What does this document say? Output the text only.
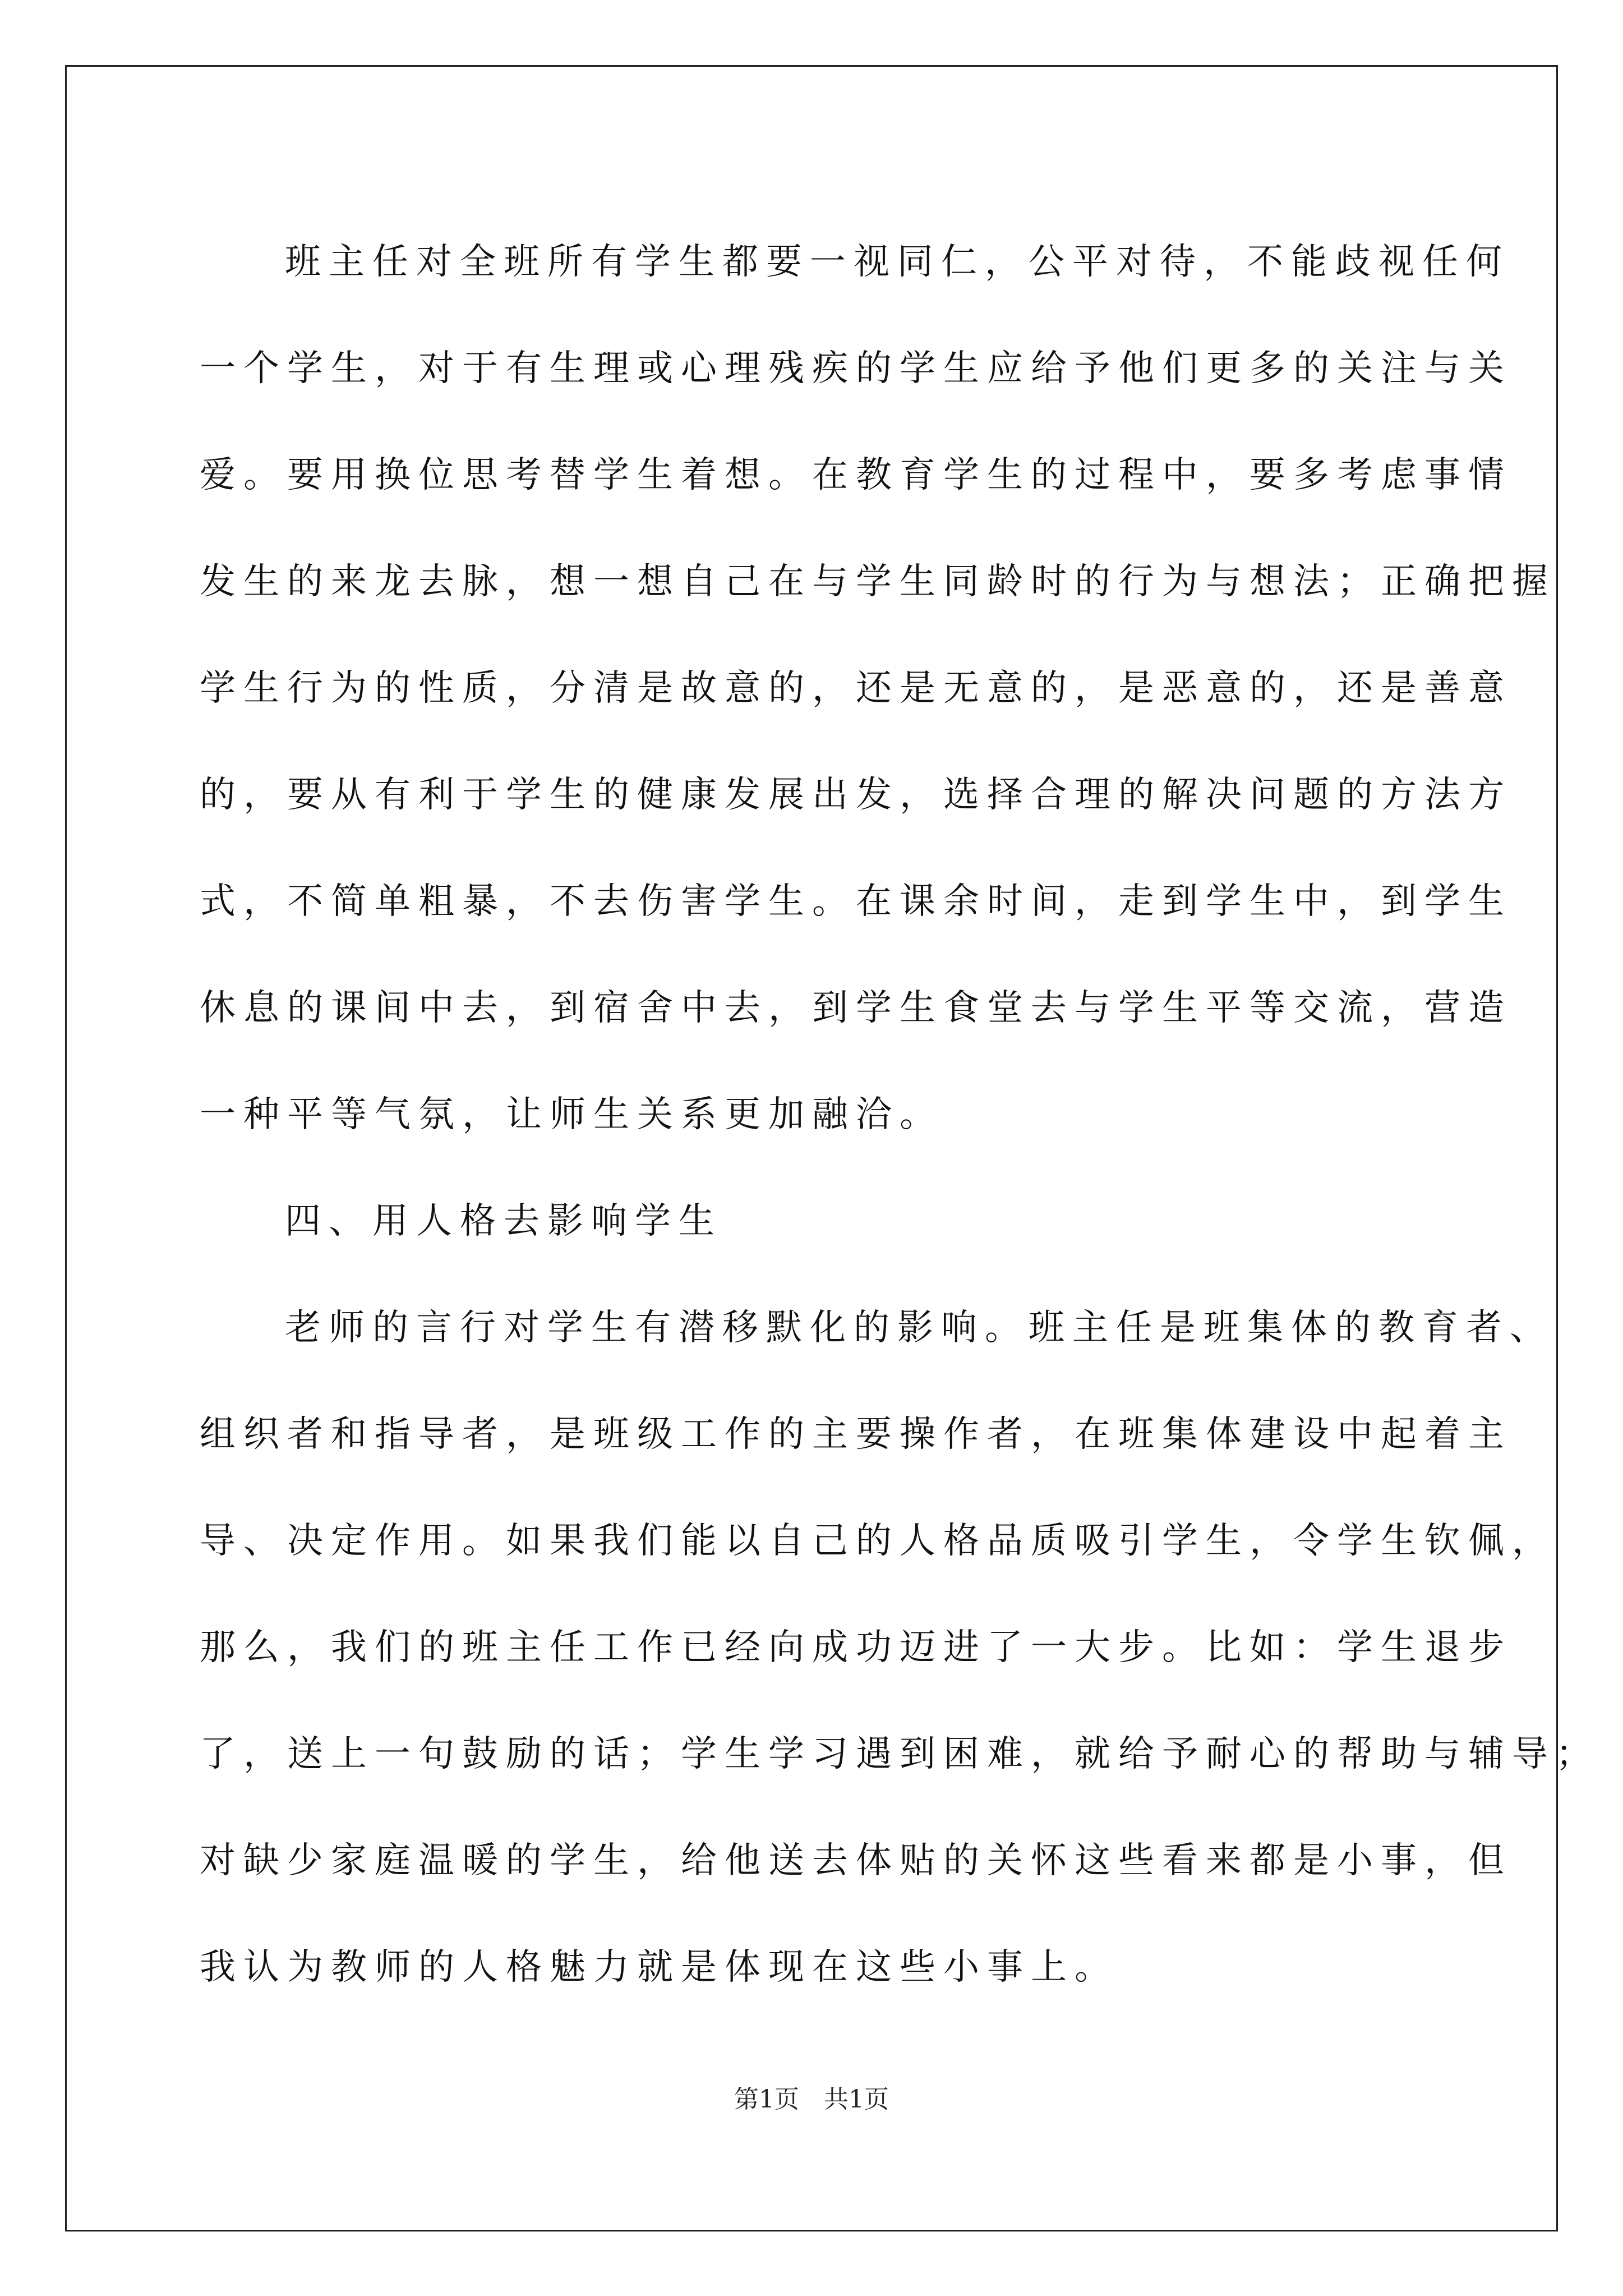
班主任对全班所有学生都要一视同仁，公平对待，不能歧视任何
一个学生，对于有生理或心理残疾的学生应给予他们更多的关注与关
爱。要用换位思考替学生着想。在教育学生的过程中，要多考虑事情
发生的来龙去脉，想一想自己在与学生同龄时的行为与想法；正确把握
学生行为的性质，分清是故意的，还是无意的，是恶意的，还是善意
的，要从有利于学生的健康发展出发，选择合理的解决问题的方法方
式，不简单粗暴，不去伤害学生。在课余时间，走到学生中，到学生
休息的课间中去，到宿舍中去，到学生食堂去与学生平等交流，营造
一种平等气氛，让师生关系更加融洽。
四、用人格去影响学生
老师的言行对学生有潜移默化的影响。班主任是班集体的教育者、
组织者和指导者，是班级工作的主要操作者，在班集体建设中起着主
导、决定作用。如果我们能以自己的人格品质吸引学生，令学生钦佩，
那么，我们的班主任工作已经向成功迈进了一大步。比如：学生退步
了，送上一句鼓励的话；学生学习遇到困难，就给予耐心的帮助与辅导；
对缺少家庭温暖的学生，给他送去体贴的关怀这些看来都是小事，但
我认为教师的人格魅力就是体现在这些小事上。
第1页　共1页
